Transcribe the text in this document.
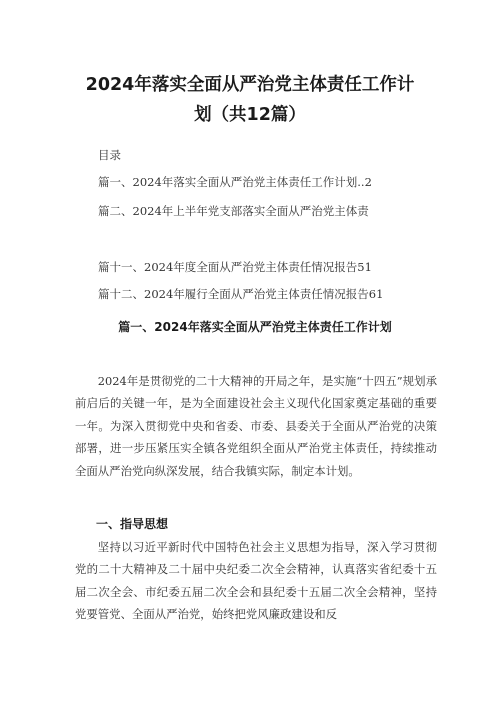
2024年落实全面从严治党主体责任工作计
划（共12篇）
目录
篇一、2024年落实全面从严治党主体责任工作计划..2
篇二、2024年上半年党支部落实全面从严治党主体责
篇十一、2024年度全面从严治党主体责任情况报告51
篇十二、2024年履行全面从严治党主体责任情况报告61
篇一、2024年落实全面从严治党主体责任工作计划

2024年是贯彻党的二十大精神的开局之年，是实施“十四五”规划承前启后的关键一年，是为全面建设社会主义现代化国家奠定基础的重要一年。为深入贯彻党中央和省委、市委、县委关于全面从严治党的决策部署，进一步压紧压实全镇各党组织全面从严治党主体责任，持续推动全面从严治党向纵深发展，结合我镇实际，制定本计划。

一、指导思想

坚持以习近平新时代中国特色社会主义思想为指导，深入学习贯彻党的二十大精神及二十届中央纪委二次全会精神，认真落实省纪委十五届二次全会、市纪委五届二次全会和县纪委十五届二次全会精神，坚持党要管党、全面从严治党，始终把党风廉政建设和反
